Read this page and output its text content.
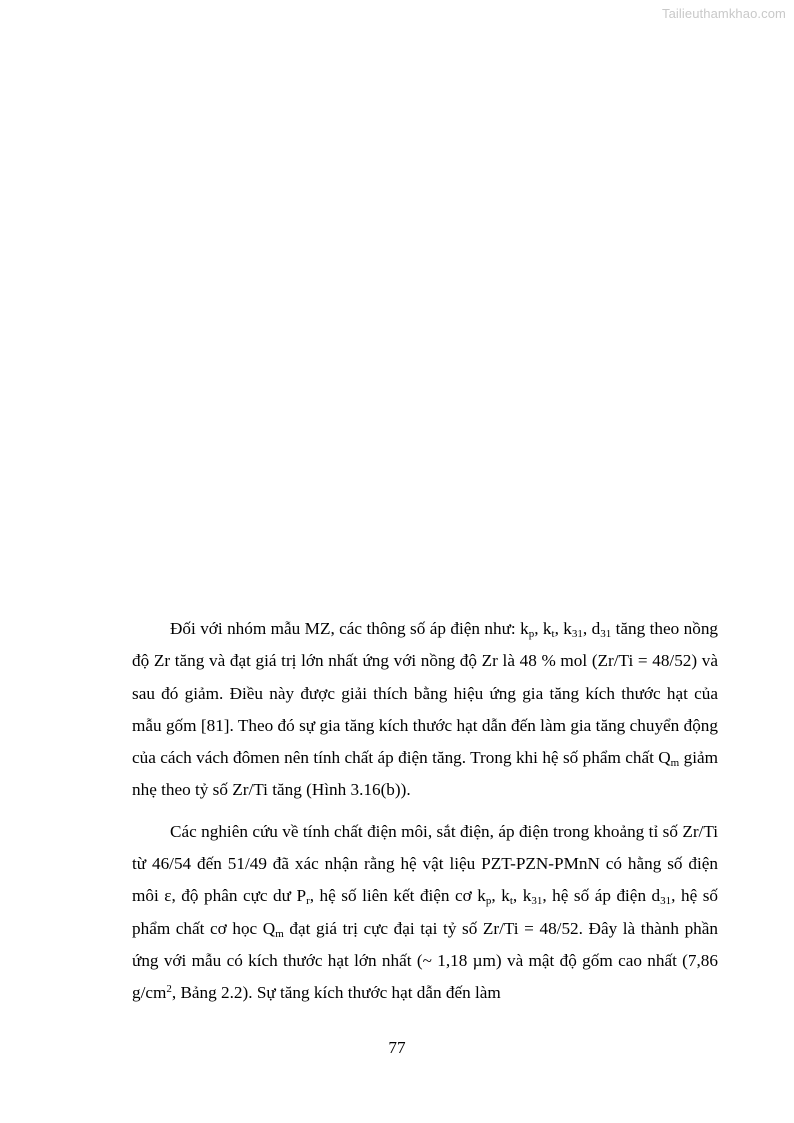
Tailieuthamkhao.com

Đối với nhóm mẫu MZ, các thông số áp điện như: $k_p$, $k_t$, $k_{31}$, $d_{31}$ tăng theo nồng độ Zr tăng và đạt giá trị lớn nhất ứng với nồng độ Zr là 48 % mol (Zr/Ti = 48/52) và sau đó giảm. Điều này được giải thích bằng hiệu ứng gia tăng kích thước hạt của mẫu gốm [81]. Theo đó sự gia tăng kích thước hạt dẫn đến làm gia tăng chuyển động của cách vách đômen nên tính chất áp điện tăng. Trong khi hệ số phẩm chất $Q_m$ giảm nhẹ theo tỷ số Zr/Ti tăng (Hình 3.16(b)).

Các nghiên cứu về tính chất điện môi, sắt điện, áp điện trong khoảng tỉ số Zr/Ti từ 46/54 đến 51/49 đã xác nhận rằng hệ vật liệu PZT-PZN-PMnN có hằng số điện môi ε, độ phân cực dư $P_r$, hệ số liên kết điện cơ $k_p$, $k_t$, $k_{31}$, hệ số áp điện $d_{31}$, hệ số phẩm chất cơ học $Q_m$ đạt giá trị cực đại tại tỷ số Zr/Ti = 48/52. Đây là thành phần ứng với mẫu có kích thước hạt lớn nhất (~ 1,18 µm) và mật độ gốm cao nhất (7,86 $g/cm^2$, Bảng 2.2). Sự tăng kích thước hạt dẫn đến làm

77
